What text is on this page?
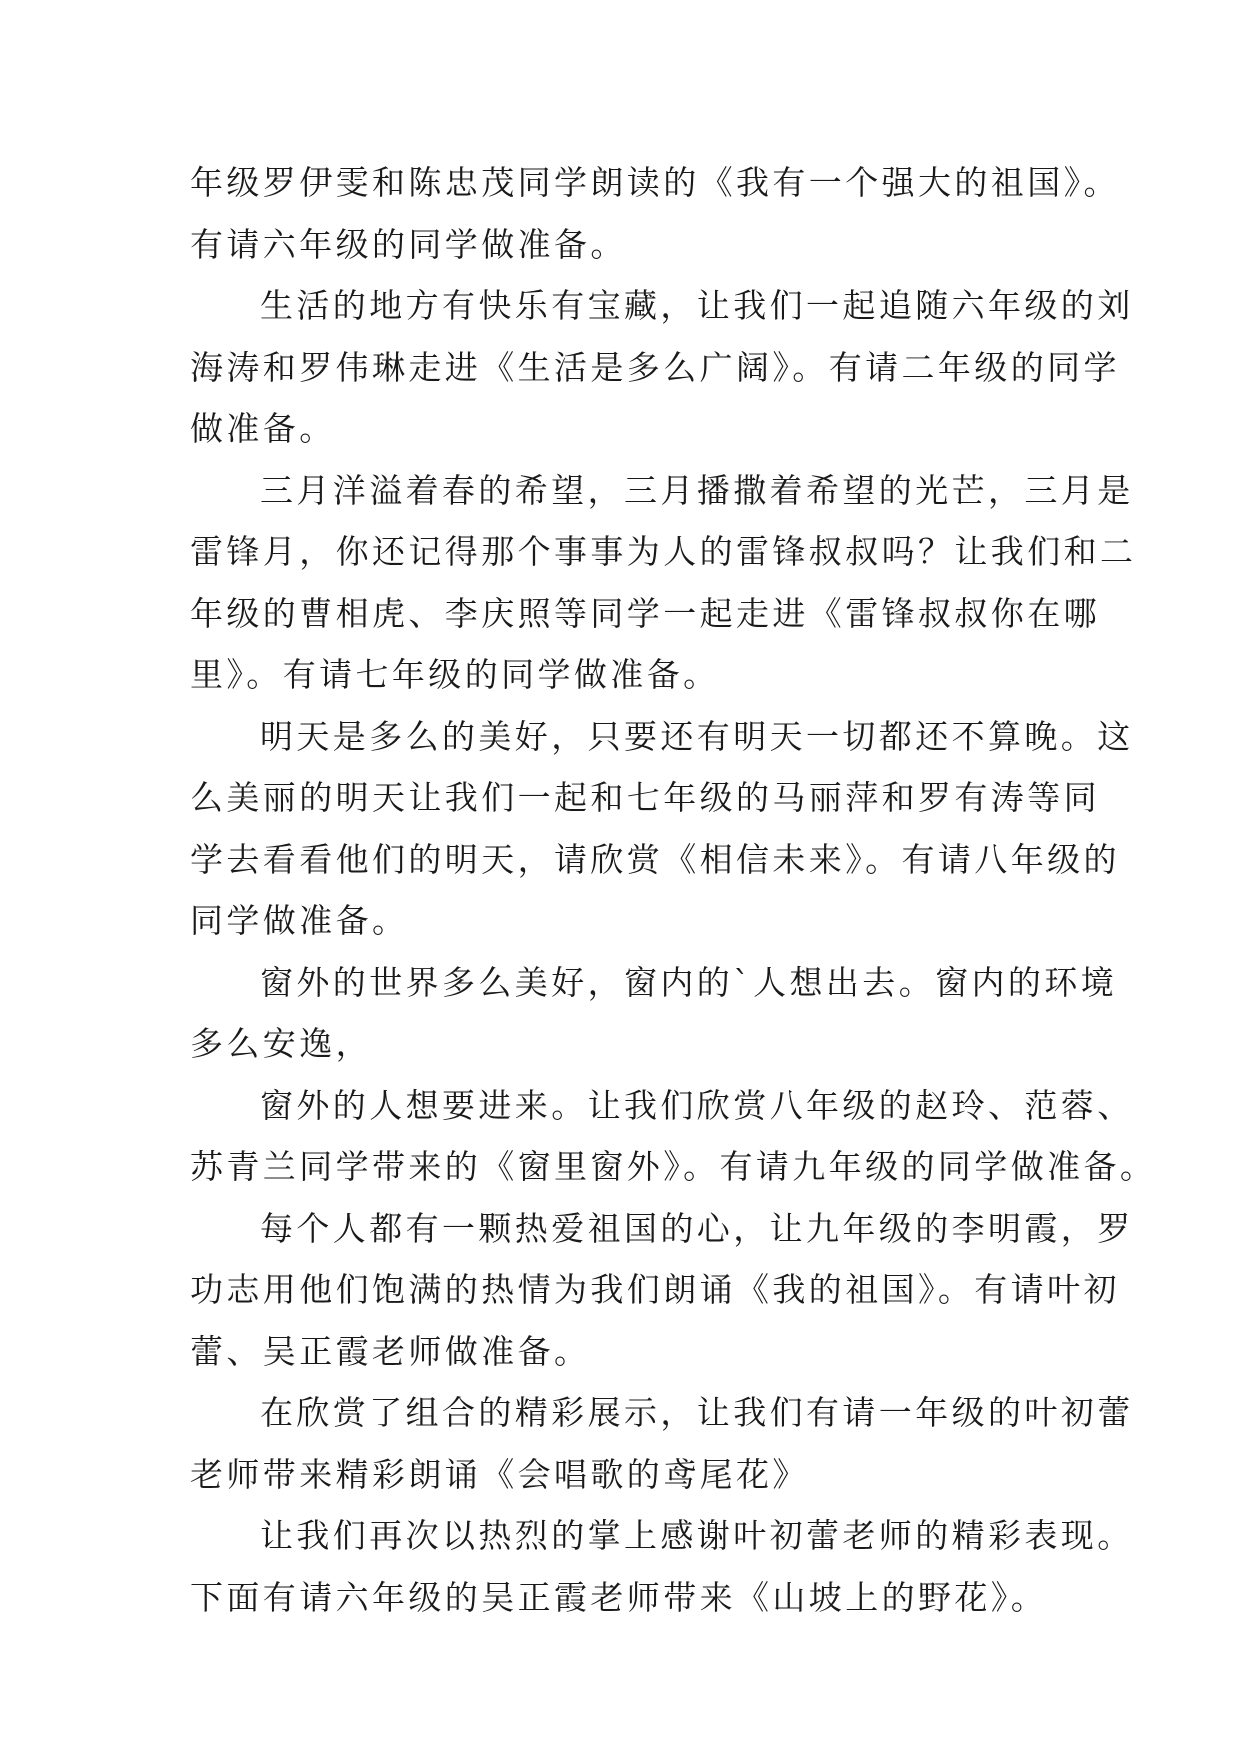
年级罗伊雯和陈忠茂同学朗读的《我有一个强大的祖国》。
有请六年级的同学做准备。

生活的地方有快乐有宝藏，让我们一起追随六年级的刘
海涛和罗伟琳走进《生活是多么广阔》。有请二年级的同学
做准备。

三月洋溢着春的希望，三月播撒着希望的光芒，三月是
雷锋月，你还记得那个事事为人的雷锋叔叔吗？让我们和二
年级的曹相虎、李庆照等同学一起走进《雷锋叔叔你在哪
里》。有请七年级的同学做准备。

明天是多么的美好，只要还有明天一切都还不算晚。这
么美丽的明天让我们一起和七年级的马丽萍和罗有涛等同
学去看看他们的明天，请欣赏《相信未来》。有请八年级的
同学做准备。

窗外的世界多么美好，窗内的`人想出去。窗内的环境
多么安逸，

窗外的人想要进来。让我们欣赏八年级的赵玲、范蓉、
苏青兰同学带来的《窗里窗外》。有请九年级的同学做准备。

每个人都有一颗热爱祖国的心，让九年级的李明霞，罗
功志用他们饱满的热情为我们朗诵《我的祖国》。有请叶初
蕾、吴正霞老师做准备。

在欣赏了组合的精彩展示，让我们有请一年级的叶初蕾
老师带来精彩朗诵《会唱歌的鸢尾花》

让我们再次以热烈的掌上感谢叶初蕾老师的精彩表现。
下面有请六年级的吴正霞老师带来《山坡上的野花》。
